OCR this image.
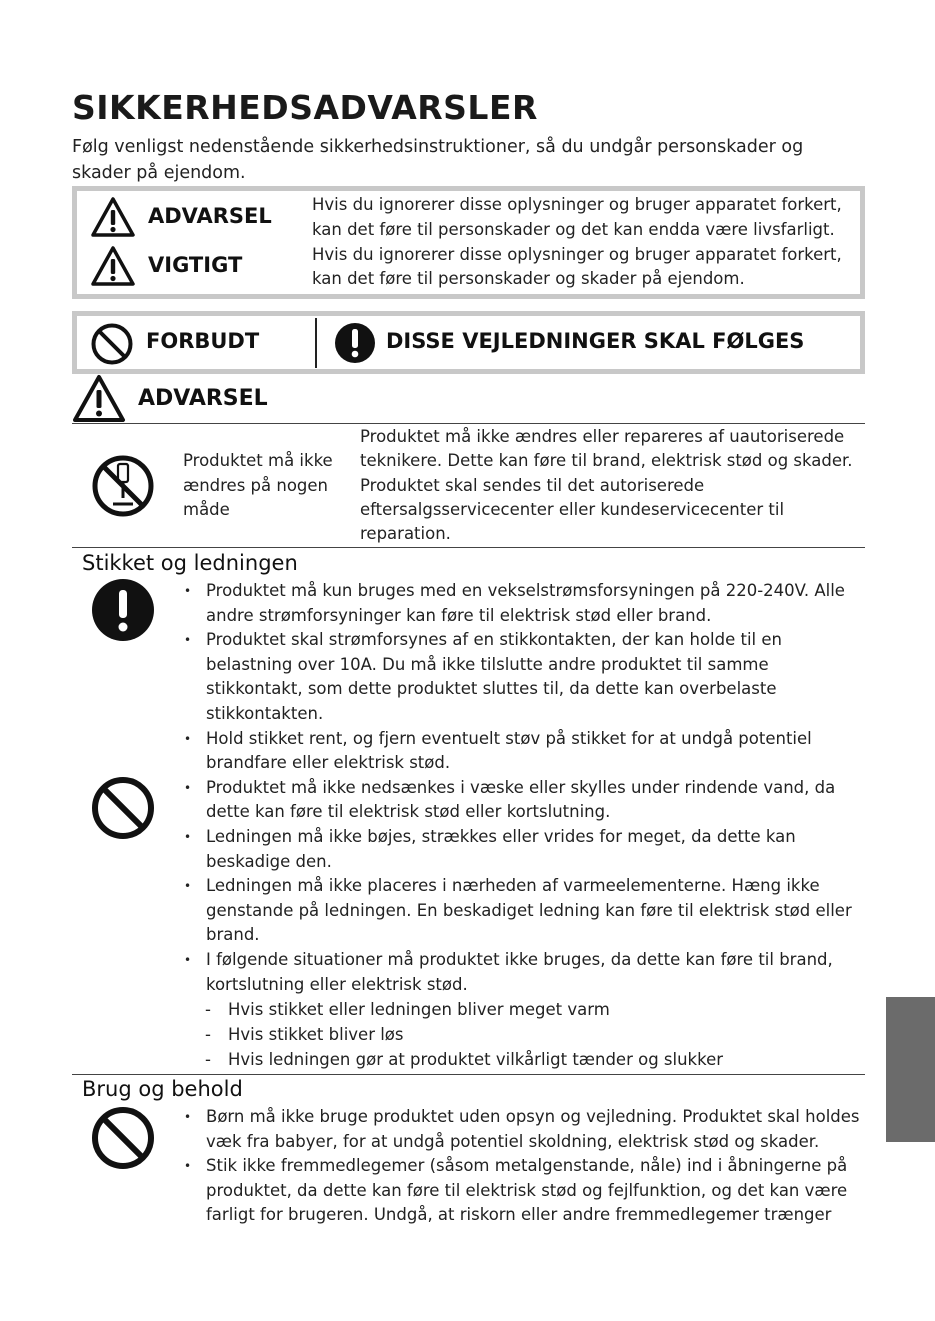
SIKKERHEDSADVARSLER
Følg venligst nedenstående sikkerhedsinstruktioner, så du undgår personskader og skader på ejendom.
ADVARSEL Hvis du ignorerer disse oplysninger og bruger apparatet forkert,
kan det føre til personskader og det kan endda være livsfarligt.
VIGTIGT	Hvis du ignorerer disse oplysninger og bruger apparatet forkert,
kan det føre til personskader og skader på ejendom.
FORBUDT	DISSE VEJLEDNINGER SKAL FØLGES
ADVARSEL
Produktet må ikke
ændres på nogen
måde
Produktet må ikke ændres eller repareres af uautoriserede
teknikere. Dette kan føre til brand, elektrisk stød og skader.
Produktet skal sendes til det autoriserede
eftersalgsservicecenter eller kundeservicecenter til
reparation.
Stikket og ledningen
• Produktet må kun bruges med en vekselstrømsforsyningen på 220-240V. Alle andre strømforsyninger kan føre til elektrisk stød eller brand.
• Produktet skal strømforsynes af en stikkontakten, der kan holde til en belastning over 10A. Du må ikke tilslutte andre produktet til samme stikkontakt, som dette produktet sluttes til, da dette kan overbelaste stikkontakten.
• Hold stikket rent, og fjern eventuelt støv på stikket for at undgå potentiel brandfare eller elektrisk stød.
• Produktet må ikke nedsænkes i væske eller skylles under rindende vand, da dette kan føre til elektrisk stød eller kortslutning.
• Ledningen må ikke bøjes, strækkes eller vrides for meget, da dette kan beskadige den.
• Ledningen må ikke placeres i nærheden af varmeelementerne. Hæng ikke genstande på ledningen. En beskadiget ledning kan føre til elektrisk stød eller brand.
• I følgende situationer må produktet ikke bruges, da dette kan føre til brand, kortslutning eller elektrisk stød.
- Hvis stikket eller ledningen bliver meget varm
- Hvis stikket bliver løs
- Hvis ledningen gør at produktet vilkårligt tænder og slukker
Brug og behold
• Børn må ikke bruge produktet uden opsyn og vejledning. Produktet skal holdes væk fra babyer, for at undgå potentiel skoldning, elektrisk stød og skader.
• Stik ikke fremmedlegemer (såsom metalgenstande, nåle) ind i åbningerne på produktet, da dette kan føre til elektrisk stød og fejlfunktion, og det kan være farligt for brugeren. Undgå, at riskorn eller andre fremmedlegemer trænger
